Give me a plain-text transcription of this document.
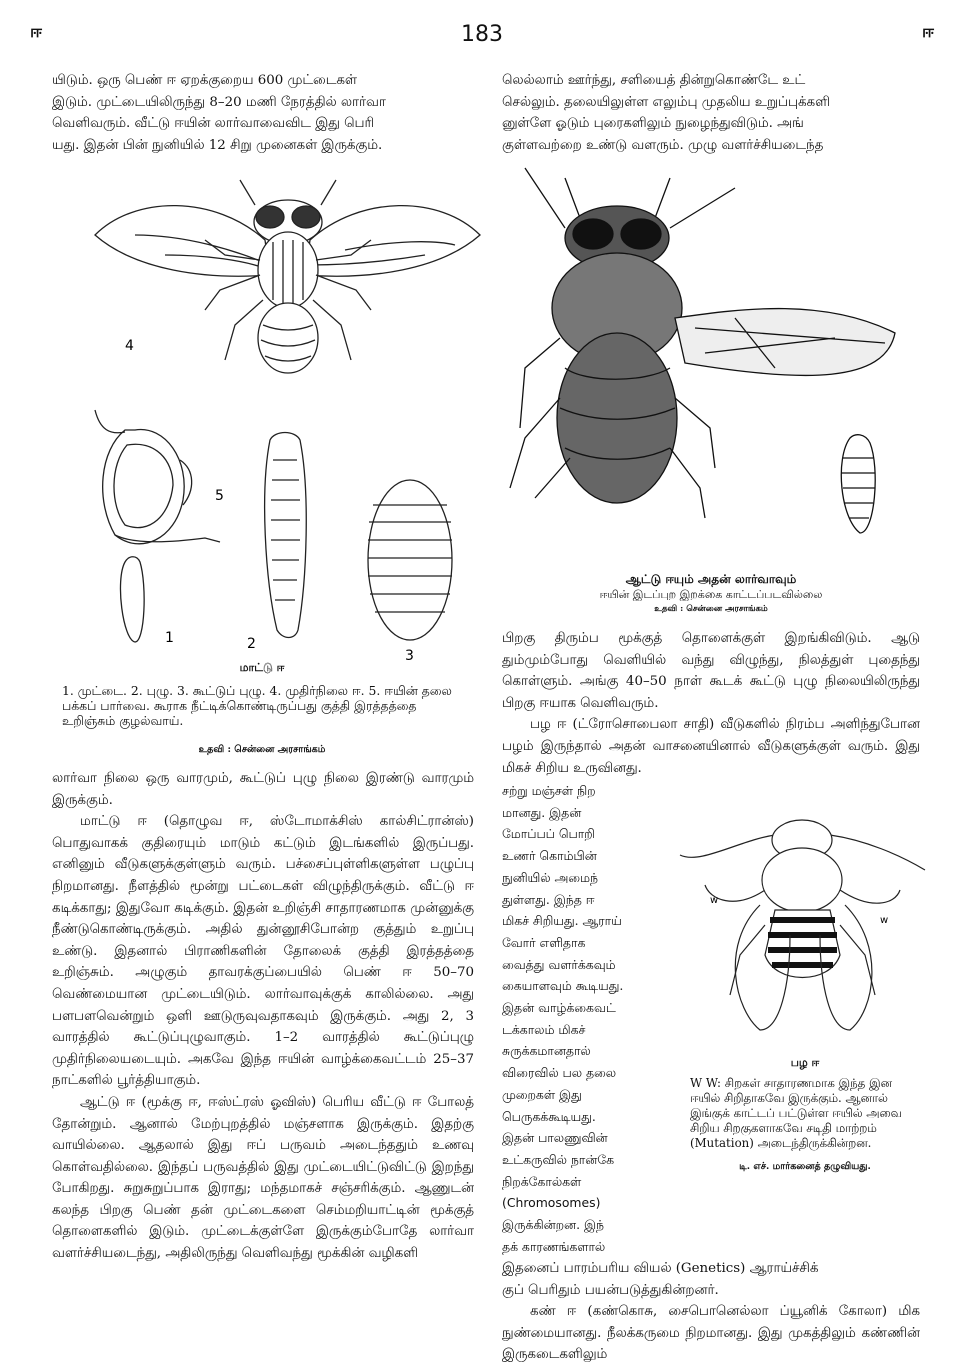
ஈ	183	ஈ

யிடும். ஒரு பெண் ஈ ஏறக்குறைய 600 முட்டைகள்

இடும். முட்டையிலிருந்து 8–20 மணி நேரத்தில் லார்வா

வெளிவரும். வீட்டு ஈயின் லார்வாவைவிட இது பெரி

யது. இதன் பின் நுனியில் 12 சிறு முனைகள் இருக்கும்.

4
5
1	2
3

மாட்டு ஈ

1. முட்டை. 2. புழு. 3. கூட்டுப் புழு. 4. முதிர்நிலை ஈ. 5. ஈயின் தலை பக்கப் பார்வை. கூராக நீட்டிக்கொண்டிருப்பது குத்தி இரத்தத்தை உறிஞ்சும் குழல்வாய்.

உதவி : சென்னை அரசாங்கம்

லார்வா நிலை ஒரு வாரமும், கூட்டுப் புழு நிலை இரண்டு வாரமும் இருக்கும்.

மாட்டு ஈ (தொழுவ ஈ, ஸ்டோமாக்சிஸ் கால்சிட்ரான்ஸ்) பொதுவாகக் குதிரையும் மாடும் கட்டும் இடங்களில் இருப்பது. எனினும் வீடுகளுக்குள்ளும் வரும். பச்சைப்புள்ளிகளுள்ள பழுப்பு நிறமானது. நீளத்தில் மூன்று பட்டைகள் விழுந்திருக்கும். வீட்டு ஈ கடிக்காது; இதுவோ கடிக்கும். இதன் உறிஞ்சி சாதாரணமாக முன்னுக்கு நீண்டுகொண்டிருக்கும். அதில் துன்னூசிபோன்ற குத்தும் உறுப்பு உண்டு. இதனால் பிராணிகளின் தோலைக் குத்தி இரத்தத்தை உறிஞ்சும். அழுகும் தாவரக்குப்பையில் பெண் ஈ 50–70 வெண்மையான முட்டையிடும். லார்வாவுக்குக் காலில்லை. அது பளபளவென்றும் ஒளி ஊடுருவுவதாகவும் இருக்கும். அது 2, 3 வாரத்தில் கூட்டுப்புழுவாகும். 1–2 வாரத்தில் கூட்டுப்புழு முதிர்நிலையடையும். அகவே இந்த ஈயின் வாழ்க்கைவட்டம் 25–37 நாட்களில் பூர்த்தியாகும்.

ஆட்டு ஈ (மூக்கு ஈ, ஈஸ்ட்ரஸ் ஓவிஸ்) பெரிய வீட்டு ஈ போலத் தோன்றும். ஆனால் மேற்புறத்தில் மஞ்சளாக இருக்கும். இதற்கு வாயில்லை. ஆதலால் இது ஈப் பருவம் அடைந்ததும் உணவு கொள்வதில்லை. இந்தப் பருவத்தில் இது முட்டையிட்டுவிட்டு இறந்து போகிறது. சுறுசுறுப்பாக இராது; மந்தமாகச் சஞ்சரிக்கும். ஆணுடன் கலந்த பிறகு பெண் தன் முட்டைகளை செம்மறியாட்டின் மூக்குத் தொளைகளில் இடும். முட்டைக்குள்ளே இருக்கும்போதே லார்வா வளர்ச்சியடைந்து, அதிலிருந்து வெளிவந்து மூக்கின் வழிகளி

லெல்லாம் ஊர்ந்து, சளியைத் தின்றுகொண்டே உட்

செல்லும். தலையிலுள்ள எலும்பு முதலிய உறுப்புக்களி

னுள்ளே ஓடும் புரைகளிலும் நுழைந்துவிடும். அங்

குள்ளவற்றை உண்டு வளரும். முழு வளர்ச்சியடைந்த

ஆட்டு ஈயும் அதன் லார்வாவும்

ஈயின் இடப்புற இறக்கை காட்டப்படவில்லை

உதவி : சென்னை அரசாங்கம்

பிறகு திரும்ப மூக்குத் தொளைக்குள் இறங்கிவிடும். ஆடு தும்மும்போது வெளியில் வந்து விழுந்து, நிலத்துள் புதைந்து கொள்ளும். அங்கு 40–50 நாள் கூடக் கூட்டு புழு நிலையிலிருந்து பிறகு ஈயாக வெளிவரும்.

பழ ஈ (ட்ரோசொபைலா சாதி) வீடுகளில் நிரம்ப அளிந்துபோன பழம் இருந்தால் அதன் வாசனையினால் வீடுகளுக்குள் வரும். இது மிகச் சிறிய உருவினது.

சற்று மஞ்சள் நிற

மானது. இதன்

மோப்பப் பொறி

உணர் கொம்பின்

நுனியில் அமைந்

துள்ளது. இந்த ஈ

மிகச் சிறியது. ஆராய்

வோர் எளிதாக

வைத்து வளர்க்கவும்

கையாளவும் கூடியது.

இதன் வாழ்க்கைவட்

டக்காலம் மிகச்

சுருக்கமானதால்

விரைவில் பல தலை

முறைகள் இது

பெருகக்கூடியது.

இதன் பாலணுவின்

உட்கருவில் நான்கே

நிறக்கோல்கள்

(Chromosomes)

இருக்கின்றன. இந்

தக் காரணங்களால்

w
w

பழ ஈ

W W: சிறகள் சாதாரணமாக இந்த இன ஈயில் சிறிதாகவே இருக்கும். ஆனால் இங்குக் காட்டப் பட்டுள்ள ஈயில் அவை சிறிய சிறகுகளாகவே சடிதி மாற்றம் (Mutation) அடைந்திருக்கின்றன.

டி. எச். மார்கனைத் தழுவியது.

இதனைப் பாரம்பரிய வியல் (Genetics) ஆராய்ச்சிக்

குப் பெரிதும் பயன்படுத்துகின்றனர்.

கண் ஈ (கண்கொசு, சைபொனெல்லா ப்யூனிக் கோலா) மிக நுண்மையானது. நீலக்கருமை நிறமானது. இது முகத்திலும் கண்ணின் இருகடைகளிலும்
